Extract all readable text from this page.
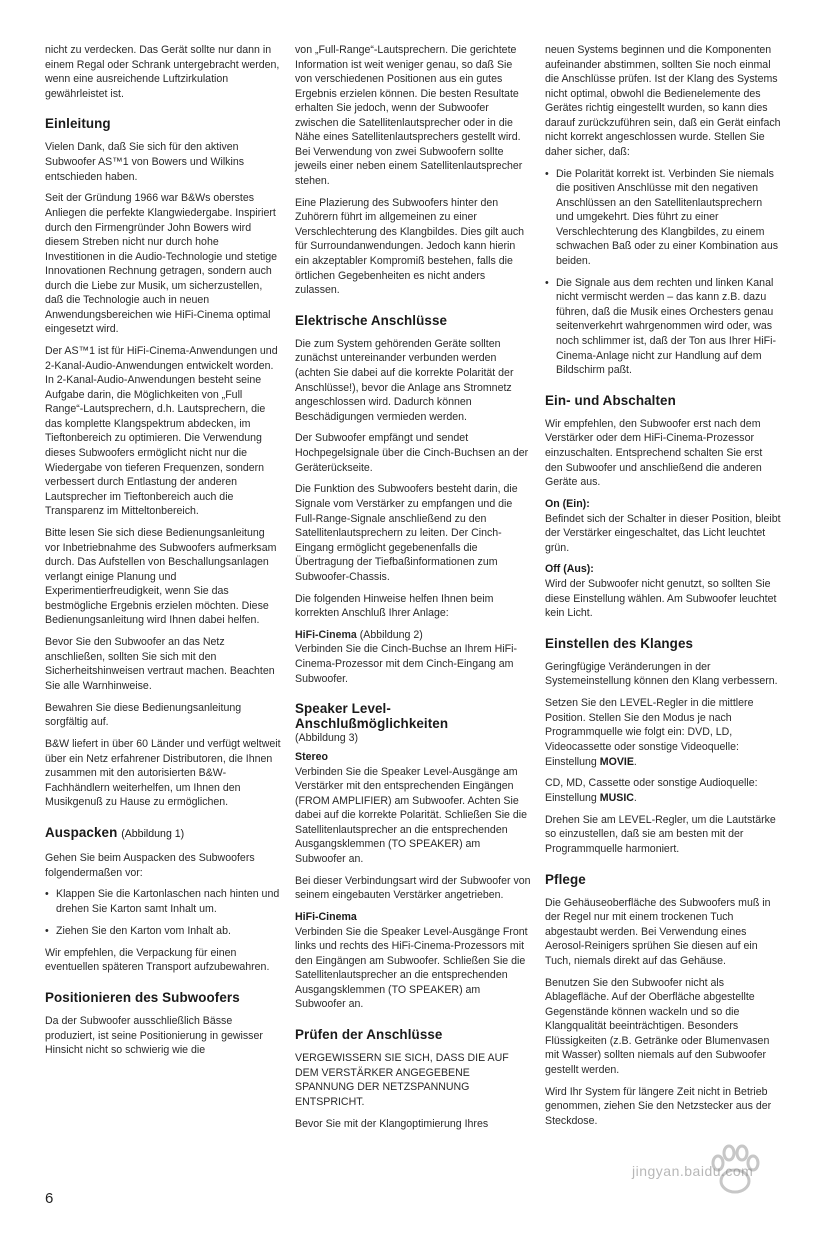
nicht zu verdecken. Das Gerät sollte nur dann in einem Regal oder Schrank untergebracht werden, wenn eine ausreichende Luftzirkulation gewährleistet ist.

Einleitung

Vielen Dank, daß Sie sich für den aktiven Subwoofer AS™1 von Bowers und Wilkins entschieden haben.

Seit der Gründung 1966 war B&Ws oberstes Anliegen die perfekte Klangwiedergabe. Inspiriert durch den Firmengründer John Bowers wird diesem Streben nicht nur durch hohe Investitionen in die Audio-Technologie und stetige Innovationen Rechnung getragen, sondern auch durch die Liebe zur Musik, um sicherzustellen, daß die Technologie auch in neuen Anwendungsbereichen wie HiFi-Cinema optimal eingesetzt wird.

Der AS™1 ist für HiFi-Cinema-Anwendungen und 2-Kanal-Audio-Anwendungen entwickelt worden. In 2-Kanal-Audio-Anwendungen besteht seine Aufgabe darin, die Möglichkeiten von „Full Range“-Lautsprechern, d.h. Lautsprechern, die das komplette Klangspektrum abdecken, im Tieftonbereich zu optimieren. Die Verwendung dieses Subwoofers ermöglicht nicht nur die Wiedergabe von tieferen Frequenzen, sondern verbessert durch Entlastung der anderen Lautsprecher im Tieftonbereich auch die Transparenz im Mitteltonbereich.

Bitte lesen Sie sich diese Bedienungsanleitung vor Inbetriebnahme des Subwoofers aufmerksam durch. Das Aufstellen von Beschallungsanlagen verlangt einige Planung und Experimentierfreudigkeit, wenn Sie das bestmögliche Ergebnis erzielen möchten. Diese Bedienungsanleitung wird Ihnen dabei helfen.

Bevor Sie den Subwoofer an das Netz anschließen, sollten Sie sich mit den Sicherheitshinweisen vertraut machen. Beachten Sie alle Warnhinweise.

Bewahren Sie diese Bedienungsanleitung sorgfältig auf.

B&W liefert in über 60 Länder und verfügt weltweit über ein Netz erfahrener Distributoren, die Ihnen zusammen mit den autorisierten B&W-Fachhändlern weiterhelfen, um Ihnen den Musikgenuß zu Hause zu ermöglichen.

Auspacken (Abbildung 1)

Gehen Sie beim Auspacken des Subwoofers folgendermaßen vor:

• Klappen Sie die Kartonlaschen nach hinten und drehen Sie Karton samt Inhalt um.
• Ziehen Sie den Karton vom Inhalt ab.

Wir empfehlen, die Verpackung für einen eventuellen späteren Transport aufzubewahren.

Positionieren des Subwoofers

Da der Subwoofer ausschließlich Bässe produziert, ist seine Positionierung in gewisser Hinsicht nicht so schwierig wie die

von „Full-Range“-Lautsprechern. Die gerichtete Information ist weit weniger genau, so daß Sie von verschiedenen Positionen aus ein gutes Ergebnis erzielen können. Die besten Resultate erhalten Sie jedoch, wenn der Subwoofer zwischen die Satellitenlautsprecher oder in die Nähe eines Satellitenlautsprechers gestellt wird. Bei Verwendung von zwei Subwoofern sollte jeweils einer neben einem Satellitenlautsprecher stehen.

Eine Plazierung des Subwoofers hinter den Zuhörern führt im allgemeinen zu einer Verschlechterung des Klangbildes. Dies gilt auch für Surroundanwendungen. Jedoch kann hierin ein akzeptabler Kompromiß bestehen, falls die örtlichen Gegebenheiten es nicht anders zulassen.

Elektrische Anschlüsse

Die zum System gehörenden Geräte sollten zunächst untereinander verbunden werden (achten Sie dabei auf die korrekte Polarität der Anschlüsse!), bevor die Anlage ans Stromnetz angeschlossen wird. Dadurch können Beschädigungen vermieden werden.

Der Subwoofer empfängt und sendet Hochpegelsignale über die Cinch-Buchsen an der Geräterückseite.

Die Funktion des Subwoofers besteht darin, die Signale vom Verstärker zu empfangen und die Full-Range-Signale anschließend zu den Satellitenlautsprechern zu leiten. Der Cinch-Eingang ermöglicht gegebenenfalls die Übertragung der Tiefbaßinformationen zum Subwoofer-Chassis.

Die folgenden Hinweise helfen Ihnen beim korrekten Anschluß Ihrer Anlage:

HiFi-Cinema (Abbildung 2)

Verbinden Sie die Cinch-Buchse an Ihrem HiFi-Cinema-Prozessor mit dem Cinch-Eingang am Subwoofer.

Speaker Level-Anschlußmöglichkeiten

(Abbildung 3)

Stereo

Verbinden Sie die Speaker Level-Ausgänge am Verstärker mit den entsprechenden Eingängen (FROM AMPLIFIER) am Subwoofer. Achten Sie dabei auf die korrekte Polarität. Schließen Sie die Satellitenlautsprecher an die entsprechenden Ausgangsklemmen (TO SPEAKER) am Subwoofer an.

Bei dieser Verbindungsart wird der Subwoofer von seinem eingebauten Verstärker angetrieben.

HiFi-Cinema

Verbinden Sie die Speaker Level-Ausgänge Front links und rechts des HiFi-Cinema-Prozessors mit den Eingängen am Subwoofer. Schließen Sie die Satellitenlautsprecher an die entsprechenden Ausgangsklemmen (TO SPEAKER) am Subwoofer an.

Prüfen der Anschlüsse

VERGEWISSERN SIE SICH, DASS DIE AUF DEM VERSTÄRKER ANGEGEBENE SPANNUNG DER NETZSPANNUNG ENTSPRICHT.

Bevor Sie mit der Klangoptimierung Ihres

neuen Systems beginnen und die Komponenten aufeinander abstimmen, sollten Sie noch einmal die Anschlüsse prüfen. Ist der Klang des Systems nicht optimal, obwohl die Bedienelemente des Gerätes richtig eingestellt wurden, so kann dies darauf zurückzuführen sein, daß ein Gerät einfach nicht korrekt angeschlossen wurde. Stellen Sie daher sicher, daß:

• Die Polarität korrekt ist. Verbinden Sie niemals die positiven Anschlüsse mit den negativen Anschlüssen an den Satellitenlautsprechern und umgekehrt. Dies führt zu einer Verschlechterung des Klangbildes, zu einem schwachen Baß oder zu einer Kombination aus beiden.
• Die Signale aus dem rechten und linken Kanal nicht vermischt werden – das kann z.B. dazu führen, daß die Musik eines Orchesters genau seitenverkehrt wahrgenommen wird oder, was noch schlimmer ist, daß der Ton aus Ihrer HiFi-Cinema-Anlage nicht zur Handlung auf dem Bildschirm paßt.
Ein- und Abschalten

Wir empfehlen, den Subwoofer erst nach dem Verstärker oder dem HiFi-Cinema-Prozessor einzuschalten. Entsprechend schalten Sie erst den Subwoofer und anschließend die anderen Geräte aus.

On (Ein):

Befindet sich der Schalter in dieser Position, bleibt der Verstärker eingeschaltet, das Licht leuchtet grün.

Off (Aus):

Wird der Subwoofer nicht genutzt, so sollten Sie diese Einstellung wählen. Am Subwoofer leuchtet kein Licht.

Einstellen des Klanges

Geringfügige Veränderungen in der Systemeinstellung können den Klang verbessern.

Setzen Sie den LEVEL-Regler in die mittlere Position. Stellen Sie den Modus je nach Programmquelle wie folgt ein: DVD, LD, Videocassette oder sonstige Videoquelle: Einstellung MOVIE.

CD, MD, Cassette oder sonstige Audioquelle: Einstellung MUSIC.

Drehen Sie am LEVEL-Regler, um die Lautstärke so einzustellen, daß sie am besten mit der Programmquelle harmoniert.

Pflege

Die Gehäuseoberfläche des Subwoofers muß in der Regel nur mit einem trockenen Tuch abgestaubt werden. Bei Verwendung eines Aerosol-Reinigers sprühen Sie diesen auf ein Tuch, niemals direkt auf das Gehäuse.

Benutzen Sie den Subwoofer nicht als Ablagefläche. Auf der Oberfläche abgestellte Gegenstände können wackeln und so die Klangqualität beeinträchtigen. Besonders Flüssigkeiten (z.B. Getränke oder Blumenvasen mit Wasser) sollten niemals auf den Subwoofer gestellt werden.

Wird Ihr System für längere Zeit nicht in Betrieb genommen, ziehen Sie den Netzstecker aus der Steckdose.

6
jingyan.baidu.com
